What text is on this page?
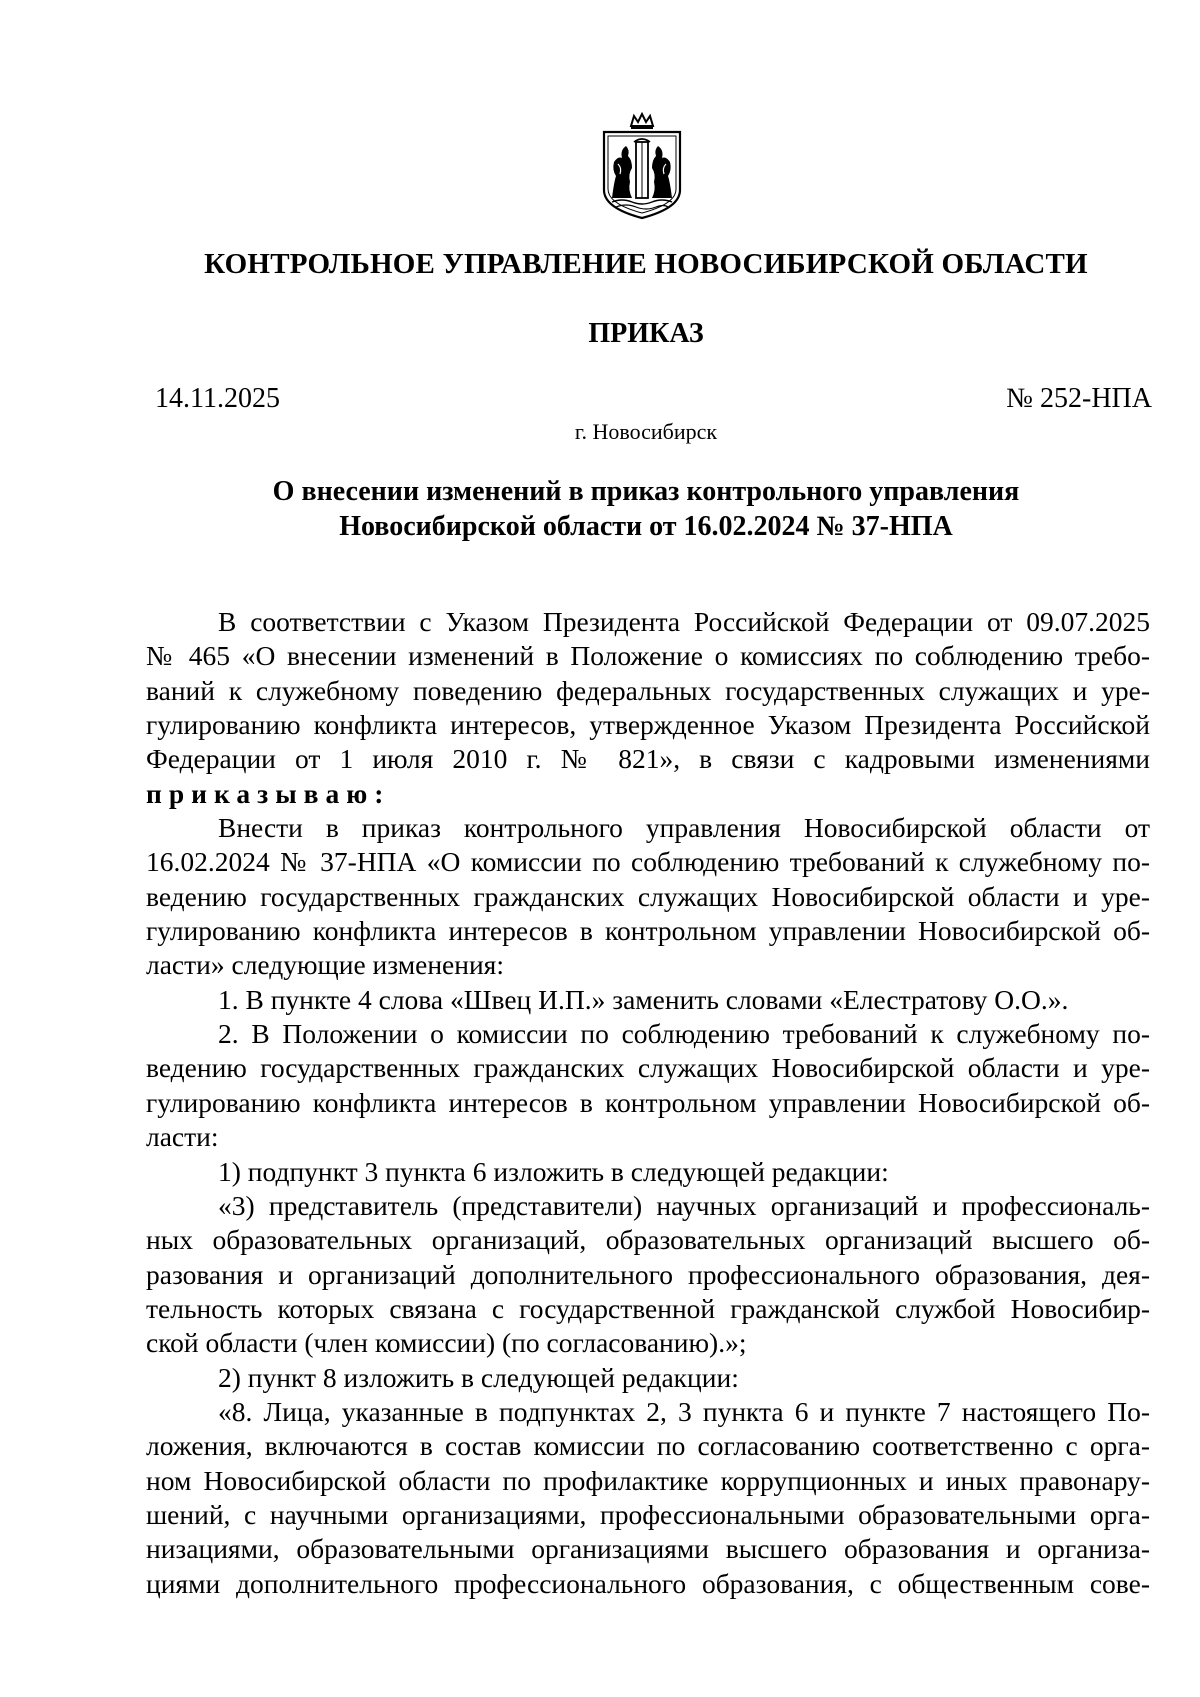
КОНТРОЛЬНОЕ УПРАВЛЕНИЕ НОВОСИБИРСКОЙ ОБЛАСТИ
ПРИКАЗ
14.11.2025	№ 252-НПА
г. Новосибирск
О внесении изменений в приказ контрольного управления
Новосибирской области от 16.02.2024 № 37-НПА
В соответствии с Указом Президента Российской Федерации от 09.07.2025
№ 465 «О внесении изменений в Положение о комиссиях по соблюдению требо-
ваний к служебному поведению федеральных государственных служащих и уре-
гулированию конфликта интересов, утвержденное Указом Президента Российской
Федерации от 1 июля 2010 г. № 821», в связи с кадровыми изменениями
приказываю:
Внести в приказ контрольного управления Новосибирской области от
16.02.2024 № 37-НПА «О комиссии по соблюдению требований к служебному по-
ведению государственных гражданских служащих Новосибирской области и уре-
гулированию конфликта интересов в контрольном управлении Новосибирской об-
ласти» следующие изменения:
1. В пункте 4 слова «Швец И.П.» заменить словами «Елестратову О.О.».
2. В Положении о комиссии по соблюдению требований к служебному по-
ведению государственных гражданских служащих Новосибирской области и уре-
гулированию конфликта интересов в контрольном управлении Новосибирской об-
ласти:
1) подпункт 3 пункта 6 изложить в следующей редакции:
«3) представитель (представители) научных организаций и профессиональ-
ных образовательных организаций, образовательных организаций высшего об-
разования и организаций дополнительного профессионального образования, дея-
тельность которых связана с государственной гражданской службой Новосибир-
ской области (член комиссии) (по согласованию).»;
2) пункт 8 изложить в следующей редакции:
«8. Лица, указанные в подпунктах 2, 3 пункта 6 и пункте 7 настоящего По-
ложения, включаются в состав комиссии по согласованию соответственно с орга-
ном Новосибирской области по профилактике коррупционных и иных правонару-
шений, с научными организациями, профессиональными образовательными орга-
низациями, образовательными организациями высшего образования и организа-
циями дополнительного профессионального образования, с общественным сове-
